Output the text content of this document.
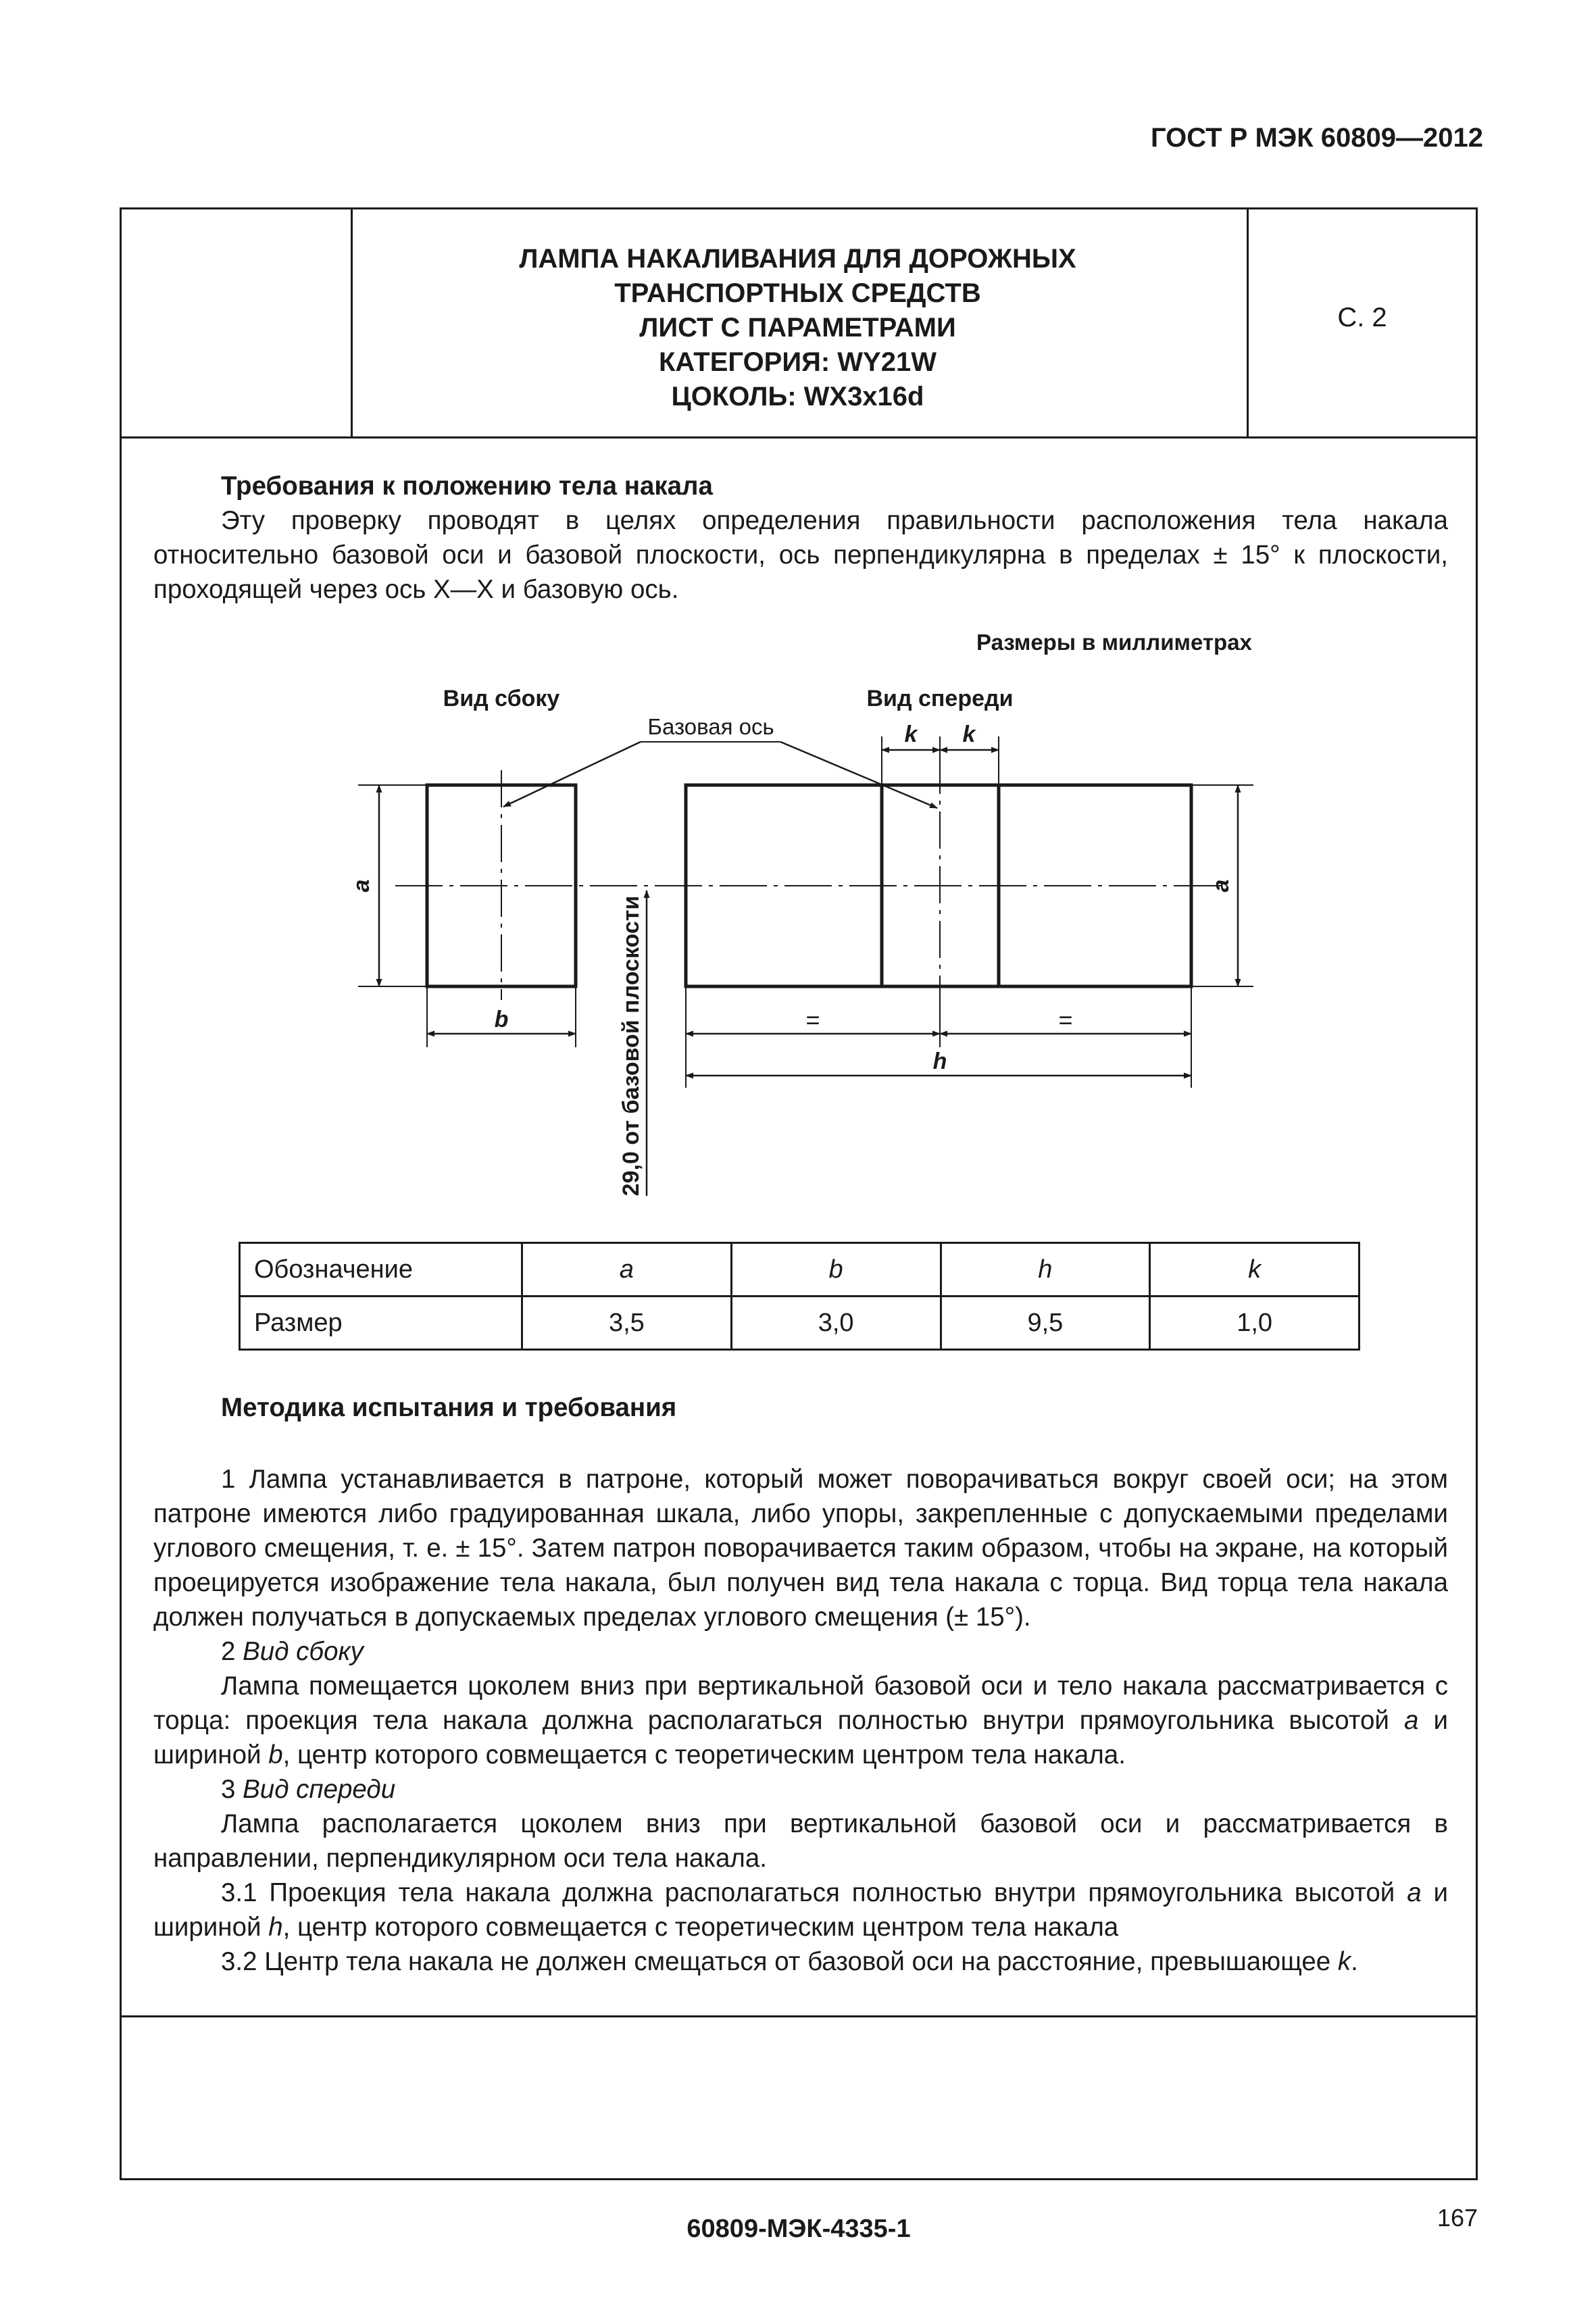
ГОСТ Р МЭК 60809—2012
ЛАМПА НАКАЛИВАНИЯ ДЛЯ ДОРОЖНЫХ
ТРАНСПОРТНЫХ СРЕДСТВ
ЛИСТ С ПАРАМЕТРАМИ
КАТЕГОРИЯ: WY21W
ЦОКОЛЬ: WX3x16d
С. 2
60809-МЭК-4335-1
Требования к положению тела накала
Эту проверку проводят в целях определения правильности расположения тела накала относительно базовой оси и базовой плоскости, ось перпендикулярна в пределах ± 15° к плоскости, проходящей через ось X—X и базовую ось.
Размеры в миллиметрах
Вид сбоку	Вид спереди
Базовая ось	k k
a	a
b	=	=
h
29,0 от базовой плоскости
Обозначение	a	b	h	k
Размер	3,5	3,0	9,5	1,0
Методика испытания и требования
1 Лампа устанавливается в патроне, который может поворачиваться вокруг своей оси; на этом патроне имеются либо градуированная шкала, либо упоры, закрепленные с допускаемыми пределами углового смещения, т. е. ± 15°. Затем патрон поворачивается таким образом, чтобы на экране, на который проецируется изображение тела накала, был получен вид тела накала с торца. Вид торца тела накала должен получаться в допускаемых пределах углового смещения (± 15°).
2 Вид сбоку
Лампа помещается цоколем вниз при вертикальной базовой оси и тело накала рассматривается с торца: проекция тела накала должна располагаться полностью внутри прямоугольника высотой a и шириной b, центр которого совмещается с теоретическим центром тела накала.
3 Вид спереди
Лампа располагается цоколем вниз при вертикальной базовой оси и рассматривается в направлении, перпендикулярном оси тела накала.
3.1 Проекция тела накала должна располагаться полностью внутри прямоугольника высотой a и шириной h, центр которого совмещается с теоретическим центром тела накала
3.2 Центр тела накала не должен смещаться от базовой оси на расстояние, превышающее k.
167
